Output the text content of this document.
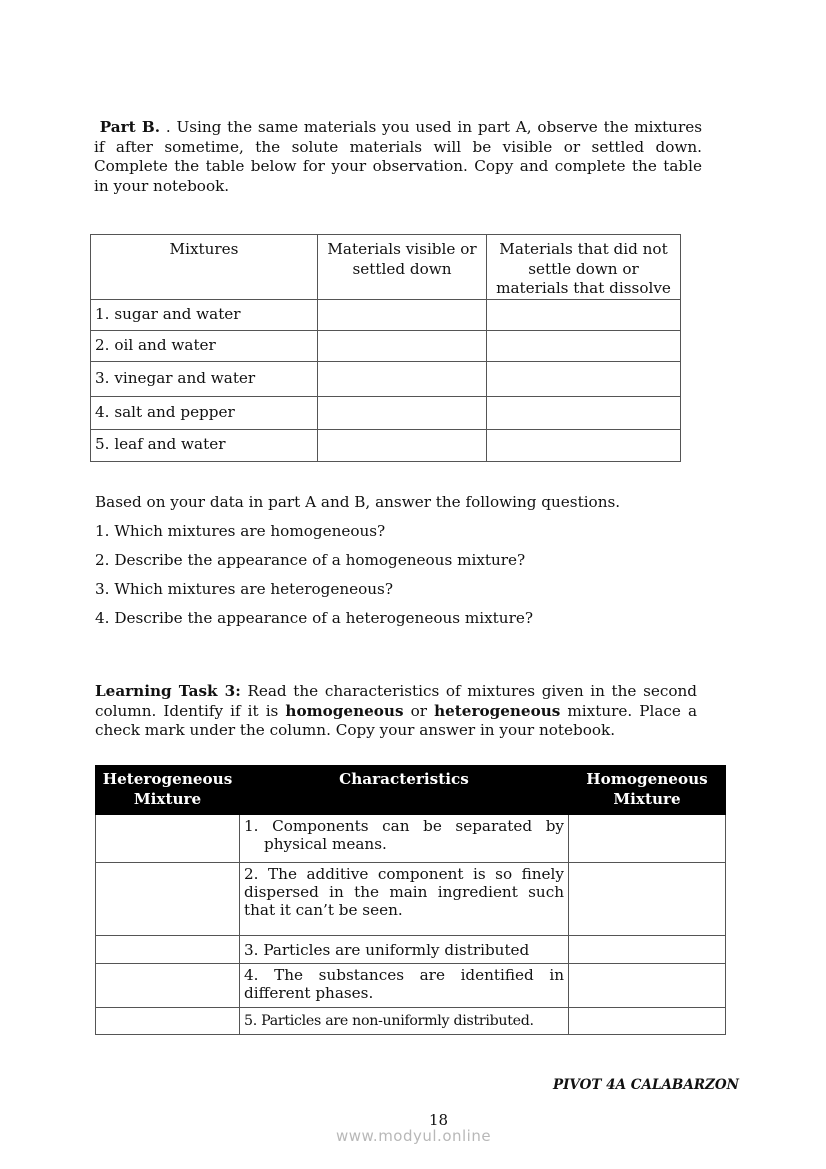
Part B. . Using the same materials you used in part A, observe the mixtures if after sometime, the solute materials will be visible or settled down. Complete the table below for your observation. Copy and complete the table in your notebook.
Mixtures	Materials visible or settled down	Materials that did not settle down or materials that dissolve
1. sugar and water		
2. oil and water		
3. vinegar and water		
4. salt and pepper		
5. leaf and water		
Based on your data in part A and B, answer the following questions.
1. Which mixtures are homogeneous?
2. Describe the appearance of a homogeneous mixture?
3. Which mixtures are heterogeneous?
4. Describe the appearance of a heterogeneous mixture?
Learning Task 3: Read the characteristics of mixtures given in the second column. Identify if it is homogeneous or heterogeneous mixture. Place a check mark under the column. Copy your answer in your notebook.
Heterogeneous Mixture	Characteristics	Homogeneous Mixture
	1. Components can be separated by physical means.	
	2. The additive component is so finely dispersed in the main ingredient such that it can’t be seen.	
	3. Particles are uniformly distributed	
	4. The substances are identified in different phases.	
	5. Particles are non-uniformly distributed.	
PIVOT 4A CALABARZON
18
www.modyul.online
